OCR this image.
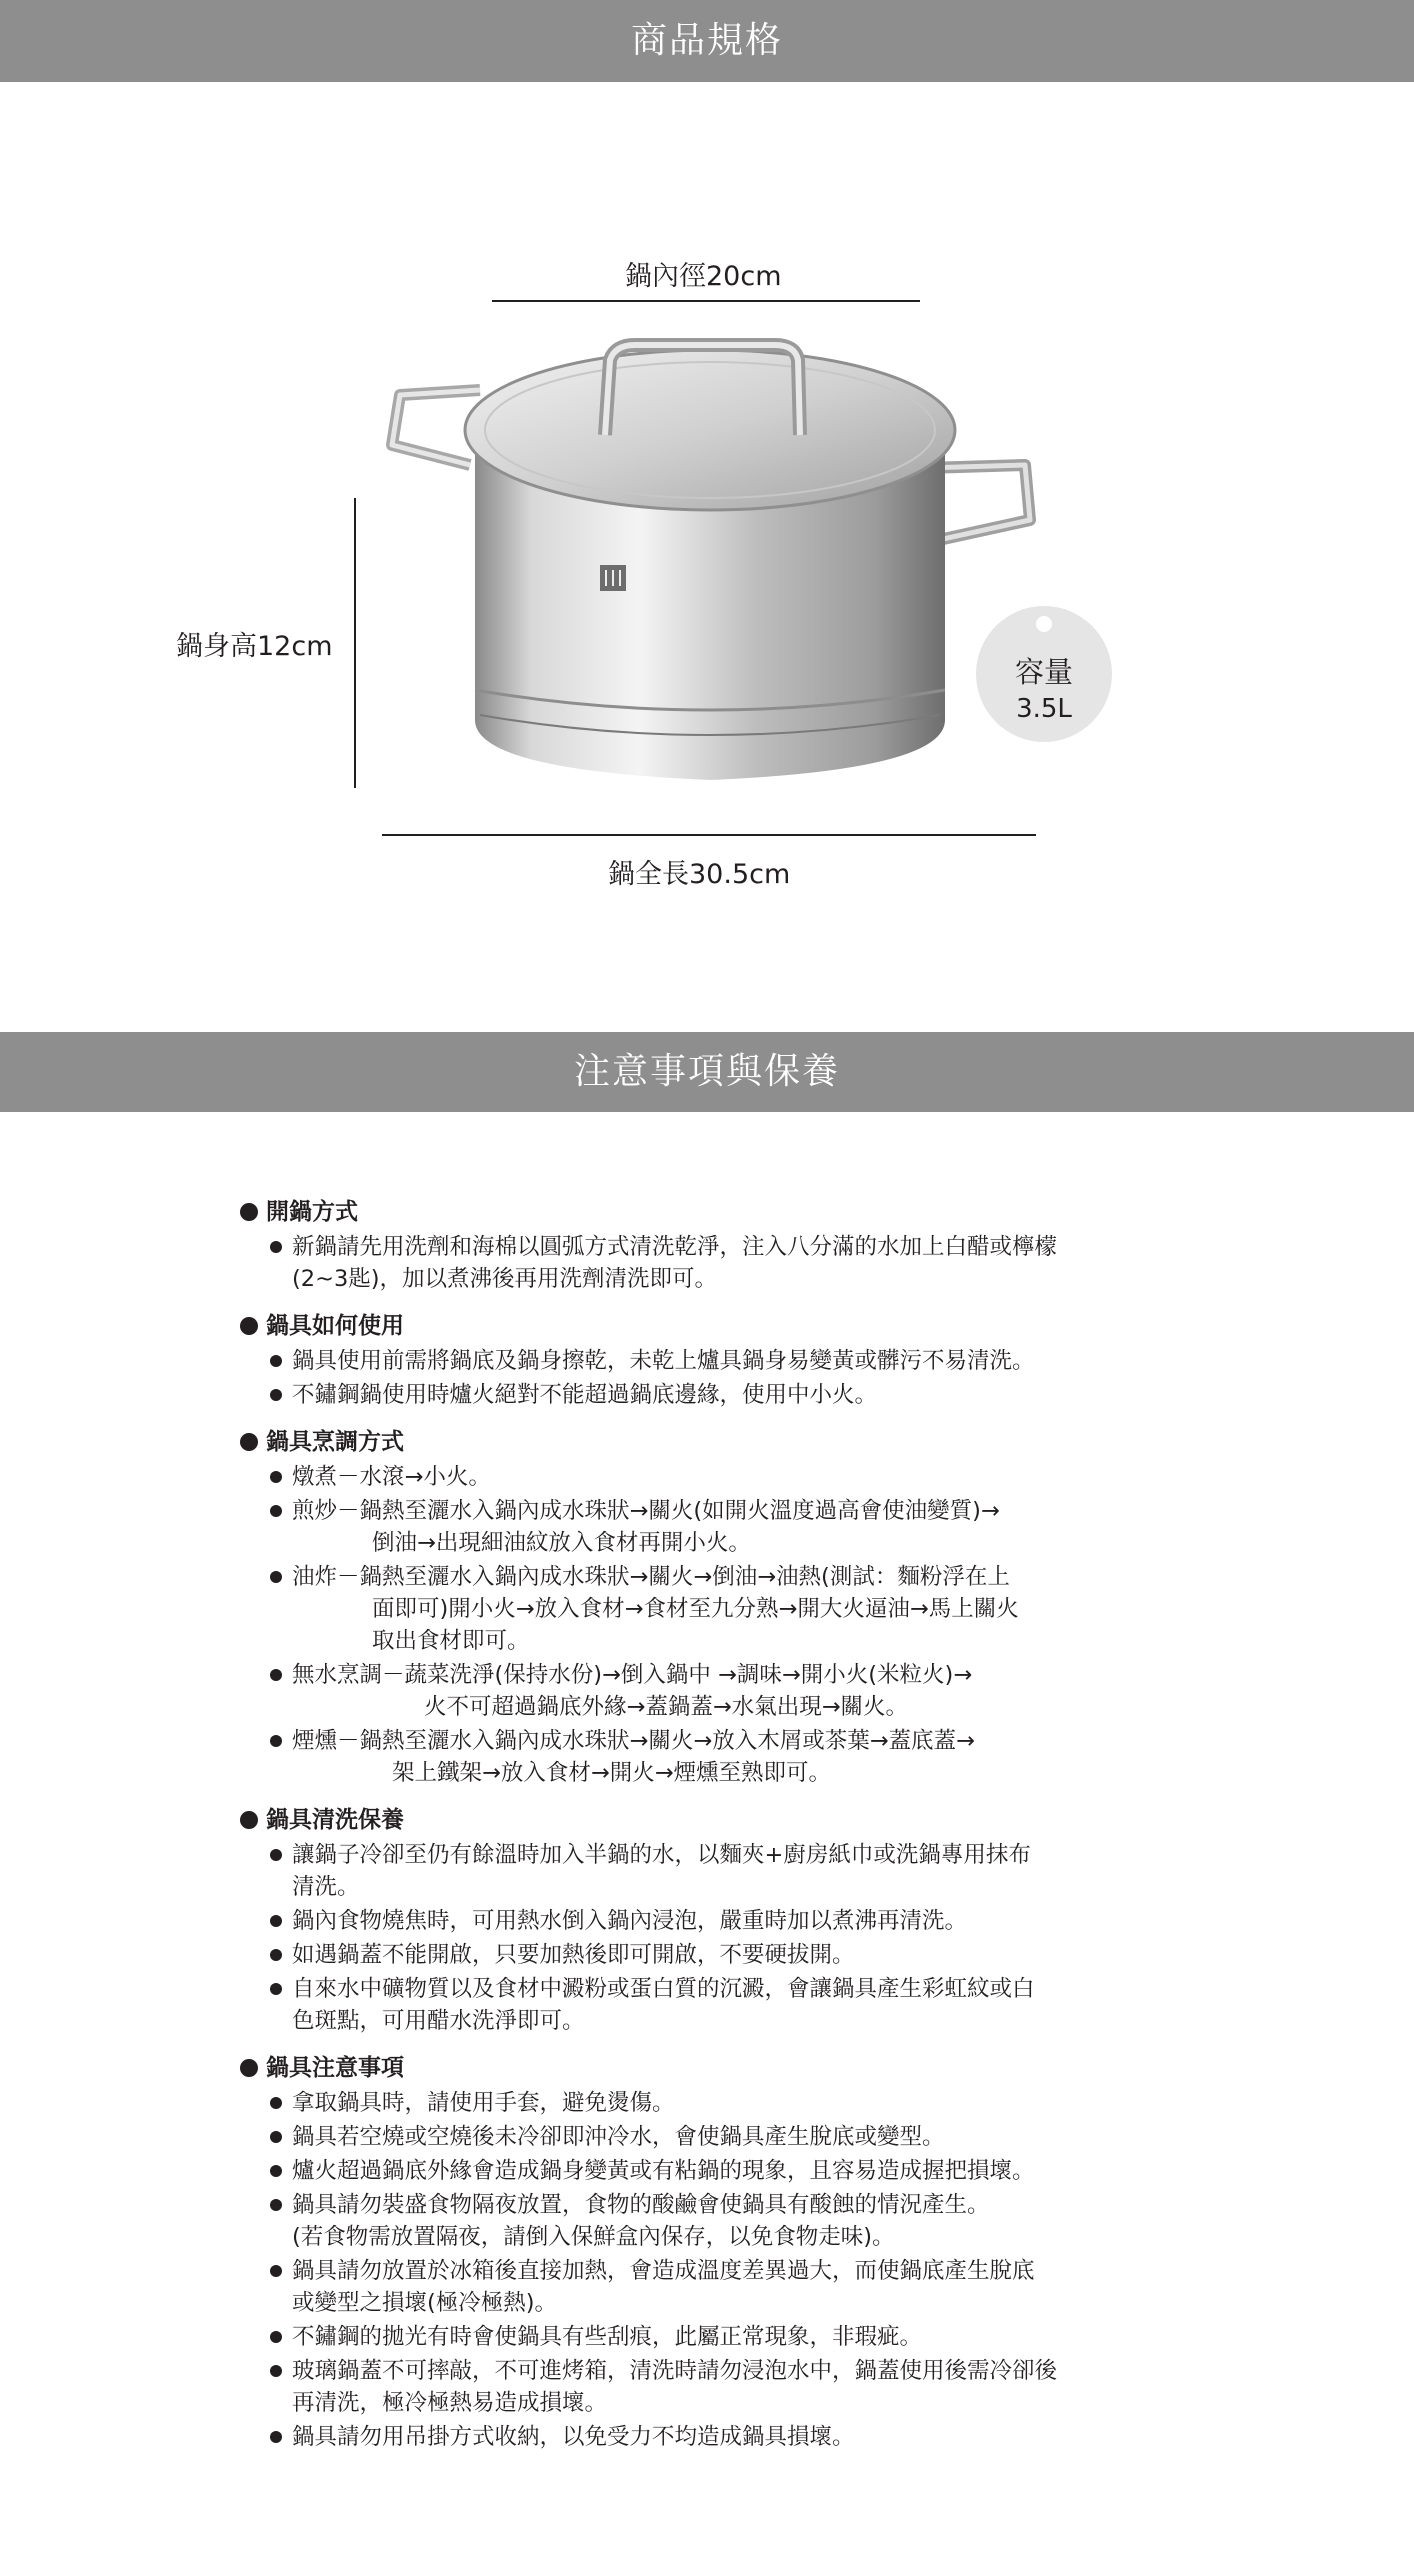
商品規格
鍋內徑20cm
鍋身高12cm
鍋全長30.5cm
容量
3.5L
注意事項與保養
開鍋方式
新鍋請先用洗劑和海棉以圓弧方式清洗乾淨，注入八分滿的水加上白醋或檸檬
(2~3匙)，加以煮沸後再用洗劑清洗即可。
鍋具如何使用
鍋具使用前需將鍋底及鍋身擦乾，未乾上爐具鍋身易變黃或髒污不易清洗。
不鏽鋼鍋使用時爐火絕對不能超過鍋底邊緣，使用中小火。
鍋具烹調方式
燉煮－水滾→小火。
煎炒－鍋熱至灑水入鍋內成水珠狀→關火(如開火溫度過高會使油變質)→
倒油→出現細油紋放入食材再開小火。
油炸－鍋熱至灑水入鍋內成水珠狀→關火→倒油→油熱(測試：麵粉浮在上
面即可)開小火→放入食材→食材至九分熟→開大火逼油→馬上關火
取出食材即可。
無水烹調－蔬菜洗淨(保持水份)→倒入鍋中 →調味→開小火(米粒火)→
火不可超過鍋底外緣→蓋鍋蓋→水氣出現→關火。
煙燻－鍋熱至灑水入鍋內成水珠狀→關火→放入木屑或茶葉→蓋底蓋→
架上鐵架→放入食材→開火→煙燻至熟即可。
鍋具清洗保養
讓鍋子冷卻至仍有餘溫時加入半鍋的水，以麵夾+廚房紙巾或洗鍋專用抹布
清洗。
鍋內食物燒焦時，可用熱水倒入鍋內浸泡，嚴重時加以煮沸再清洗。
如遇鍋蓋不能開啟，只要加熱後即可開啟，不要硬拔開。
自來水中礦物質以及食材中澱粉或蛋白質的沉澱，會讓鍋具產生彩虹紋或白
色斑點，可用醋水洗淨即可。
鍋具注意事項
拿取鍋具時，請使用手套，避免燙傷。
鍋具若空燒或空燒後未冷卻即沖冷水，會使鍋具產生脫底或變型。
爐火超過鍋底外緣會造成鍋身變黃或有粘鍋的現象，且容易造成握把損壞。
鍋具請勿裝盛食物隔夜放置，食物的酸鹼會使鍋具有酸蝕的情況產生。
(若食物需放置隔夜，請倒入保鮮盒內保存，以免食物走味)。
鍋具請勿放置於冰箱後直接加熱，會造成溫度差異過大，而使鍋底產生脫底
或變型之損壞(極冷極熱)。
不鏽鋼的拋光有時會使鍋具有些刮痕，此屬正常現象，非瑕疵。
玻璃鍋蓋不可摔敲，不可進烤箱，清洗時請勿浸泡水中，鍋蓋使用後需冷卻後
再清洗，極冷極熱易造成損壞。
鍋具請勿用吊掛方式收納，以免受力不均造成鍋具損壞。
